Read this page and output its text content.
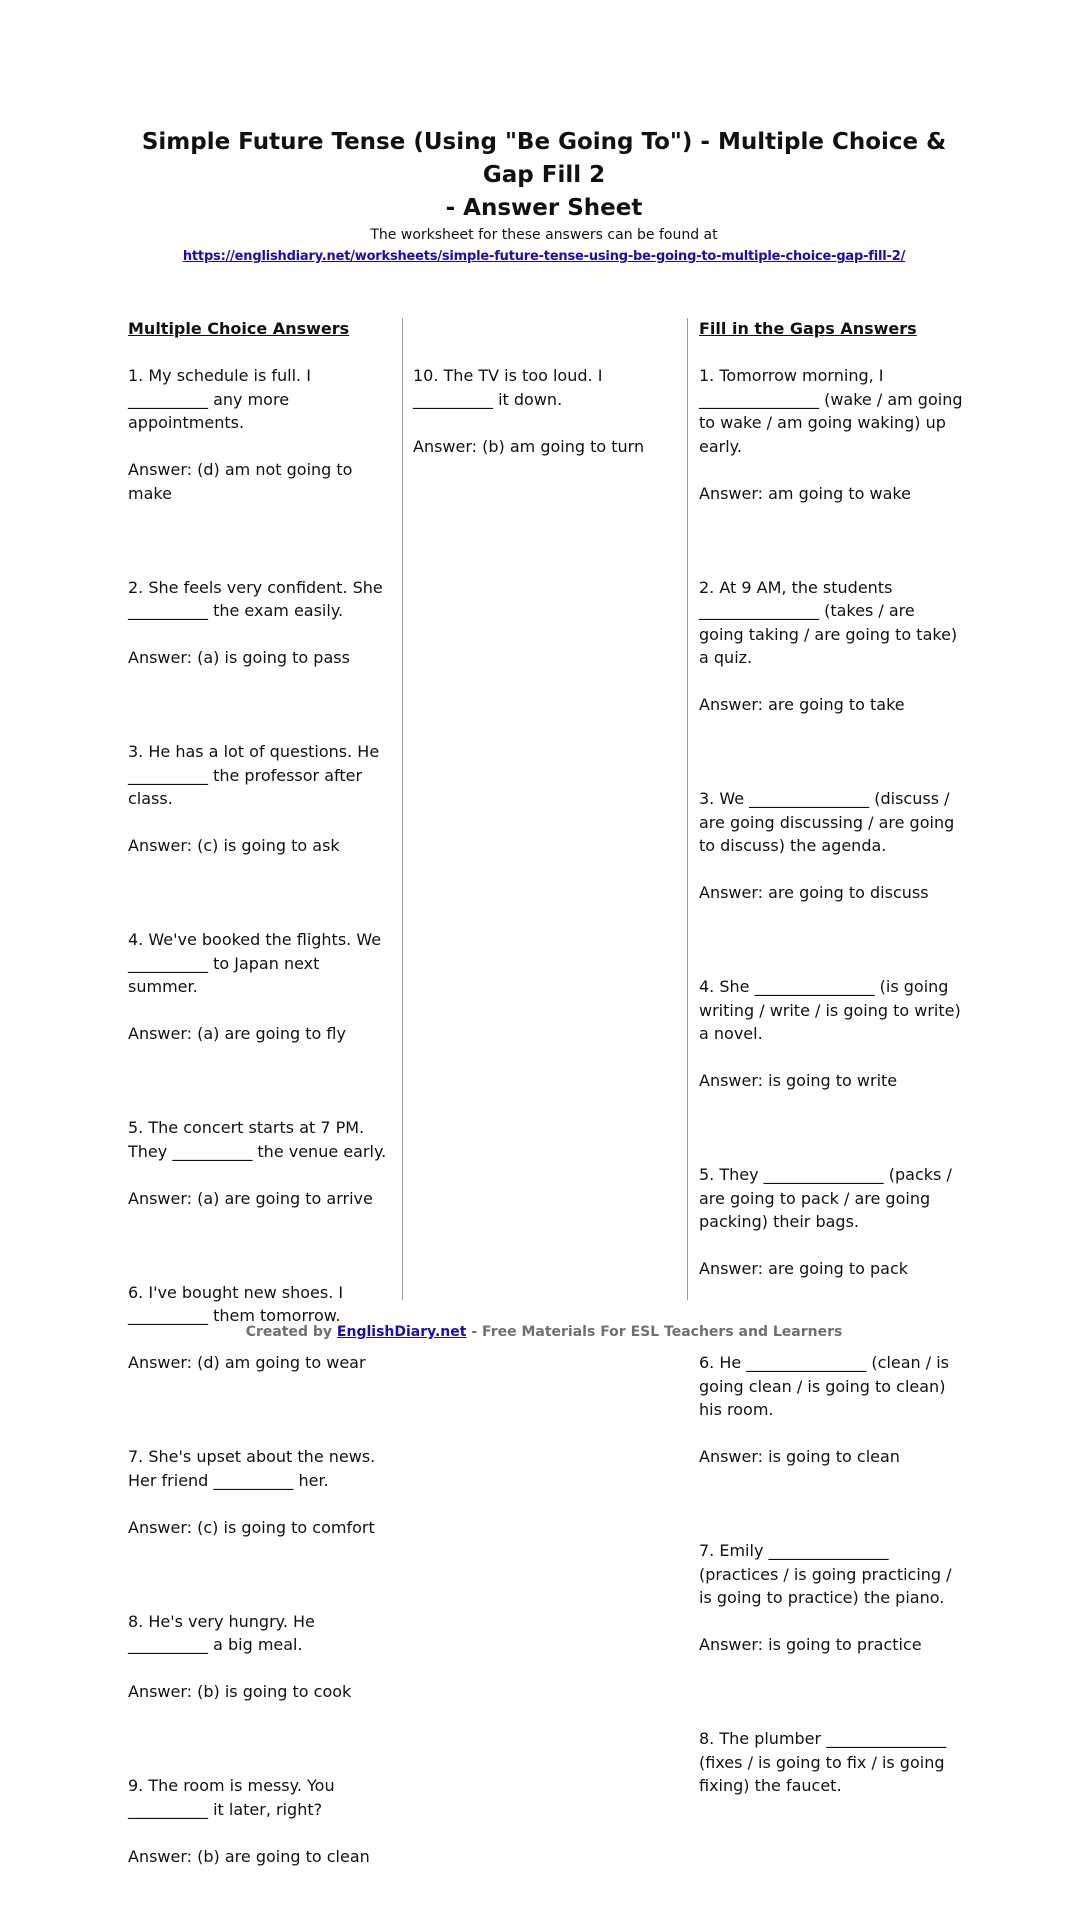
Simple Future Tense (Using "Be Going To") - Multiple Choice & Gap Fill 2

- Answer Sheet

The worksheet for these answers can be found at

https://englishdiary.net/worksheets/simple-future-tense-using-be-going-to-multiple-choice-gap-fill-2/

Multiple Choice Answers

1. My schedule is full. I __________ any more appointments.

Answer: (d) am not going to make

2. She feels very confident. She __________ the exam easily.

Answer: (a) is going to pass

3. He has a lot of questions. He __________ the professor after class.

Answer: (c) is going to ask

4. We've booked the flights. We __________ to Japan next summer.

Answer: (a) are going to fly

5. The concert starts at 7 PM. They __________ the venue early.

Answer: (a) are going to arrive

6. I've bought new shoes. I __________ them tomorrow.

Answer: (d) am going to wear

7. She's upset about the news. Her friend __________ her.

Answer: (c) is going to comfort

8. He's very hungry. He __________ a big meal.

Answer: (b) is going to cook

9. The room is messy. You __________ it later, right?

Answer: (b) are going to clean

10. The TV is too loud. I __________ it down.

Answer: (b) am going to turn

Fill in the Gaps Answers

1. Tomorrow morning, I _______________ (wake / am going to wake / am going waking) up early.

Answer: am going to wake

2. At 9 AM, the students _______________ (takes / are going taking / are going to take) a quiz.

Answer: are going to take

3. We _______________ (discuss / are going discussing / are going to discuss) the agenda.

Answer: are going to discuss

4. She _______________ (is going writing / write / is going to write) a novel.

Answer: is going to write

5. They _______________ (packs / are going to pack / are going packing) their bags.

Answer: are going to pack

6. He _______________ (clean / is going clean / is going to clean) his room.

Answer: is going to clean

7. Emily _______________ (practices / is going practicing / is going to practice) the piano.

Answer: is going to practice

8. The plumber _______________ (fixes / is going to fix / is going fixing) the faucet.

Created by EnglishDiary.net - Free Materials For ESL Teachers and Learners
